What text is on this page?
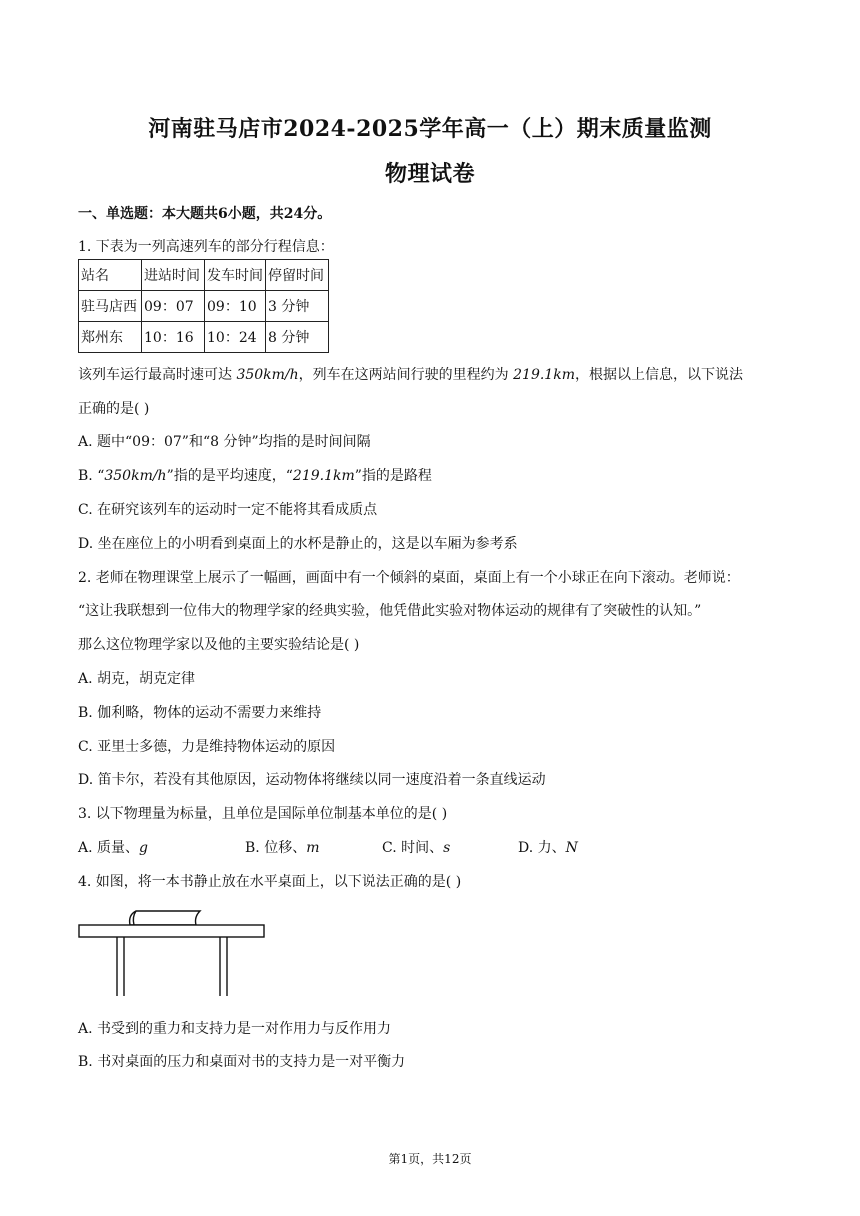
河南驻马店市2024-2025学年高一（上）期末质量监测
物理试卷
一、单选题：本大题共6小题，共24分。
1. 下表为一列高速列车的部分行程信息：
站名	进站时间	发车时间	停留时间
驻马店西	09：07	09：10	3 分钟
郑州东	10：16	10：24	8 分钟
该列车运行最高时速可达 350km/h，列车在这两站间行驶的里程约为 219.1km，根据以上信息，以下说法
正确的是( )
A. 题中“09：07”和“8 分钟”均指的是时间间隔
B. “350km/h”指的是平均速度，“219.1km”指的是路程
C. 在研究该列车的运动时一定不能将其看成质点
D. 坐在座位上的小明看到桌面上的水杯是静止的，这是以车厢为参考系
2. 老师在物理课堂上展示了一幅画，画面中有一个倾斜的桌面，桌面上有一个小球正在向下滚动。老师说：
“这让我联想到一位伟大的物理学家的经典实验，他凭借此实验对物体运动的规律有了突破性的认知。”
那么这位物理学家以及他的主要实验结论是( )
A. 胡克，胡克定律
B. 伽利略，物体的运动不需要力来维持
C. 亚里士多德，力是维持物体运动的原因
D. 笛卡尔，若没有其他原因，运动物体将继续以同一速度沿着一条直线运动
3. 以下物理量为标量，且单位是国际单位制基本单位的是( )
A. 质量、g	B. 位移、m	C. 时间、s	D. 力、N
4. 如图，将一本书静止放在水平桌面上，以下说法正确的是( )
A. 书受到的重力和支持力是一对作用力与反作用力
B. 书对桌面的压力和桌面对书的支持力是一对平衡力
第1页，共12页
